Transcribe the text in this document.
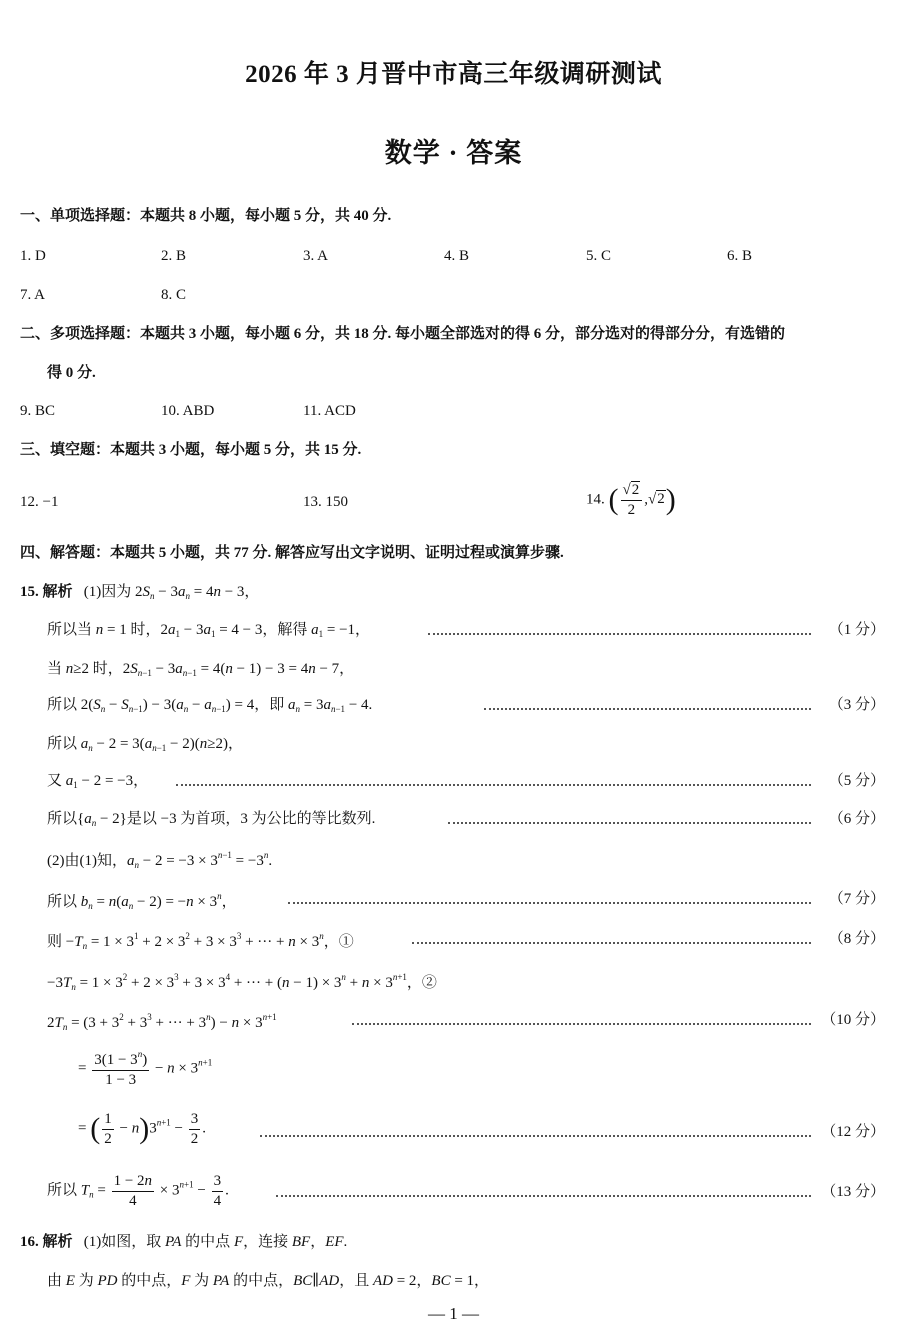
2026 年 3 月晋中市高三年级调研测试
数学 · 答案
一、单项选择题：本题共 8 小题，每小题 5 分，共 40 分.
1. D	2. B	3. A	4. B	5. C	6. B
7. A	8. C
二、多项选择题：本题共 3 小题，每小题 6 分，共 18 分. 每小题全部选对的得 6 分，部分选对的得部分分，有选错的
得 0 分.
9. BC	10. ABD	11. ACD
三、填空题：本题共 3 小题，每小题 5 分，共 15 分.
12. −1	13. 150	14. ( $\frac{√2}{2} ,√2$)
四、解答题：本题共 5 小题，共 77 分. 解答应写出文字说明、证明过程或演算步骤.
15. 解析   (1)因为 $2S_n - 3a_n = 4n - 3$，
所以当 n = 1 时，$2a_1 - 3a_1 = 4 - 3$，解得 $a_1 = -1$，	（1 分）
当 n≥2 时，$2S_{n-1} - 3a_{n-1} = 4(n - 1) - 3 = 4n - 7$，
所以 $2(S_n - S_{n-1}) - 3(a_n - a_{n-1}) = 4$，即 $a_n = 3a_{n-1} - 4$.	（3 分）
所以 $a_n - 2 = 3(a_{n-1} - 2)(n\ge 2)$，
又 $a_1 - 2 = -3$，	（5 分）
所以$\{a_n - 2\}$是以 −3 为首项，3 为公比的等比数列.	（6 分）
(2)由(1)知，$a_n - 2 = -3 \times 3^{n-1} = -3^n$.
所以 $b_n = n(a_n - 2) = -n \times 3^n$，	（7 分）
则 $-T_n = 1 \times 3^1 + 2 \times 3^2 + 3 \times 3^3$ + ··· + $n \times 3^n$，①	（8 分）
$-3T_n = 1 \times 3^2 + 2 \times 3^3 + 3 \times 3^4$ + ··· + $(n - 1) \times 3^n + n \times 3^{n+1}$，②
$2T_n = (3 + 3^2 + 3^3$ + ··· + $3^n) - n \times 3^{n+1}$	（10 分）
= $\frac{3(1 - 3^n)}{1 - 3} - n \times 3^{n+1}$
= ( $\frac{1}{2} - n)3^{n+1} - \frac{3}{2}$ .	（12 分）
所以 $T_n = \frac{1 - 2n}{4} \times 3^{n+1} - \frac{3}{4}$ .	（13 分）
16. 解析   (1)如图，取 PA 的中点 F，连接 BF，EF.
由 E 为 PD 的中点，F 为 PA 的中点，BC∥AD，且 AD = 2，BC = 1，
— 1 —
